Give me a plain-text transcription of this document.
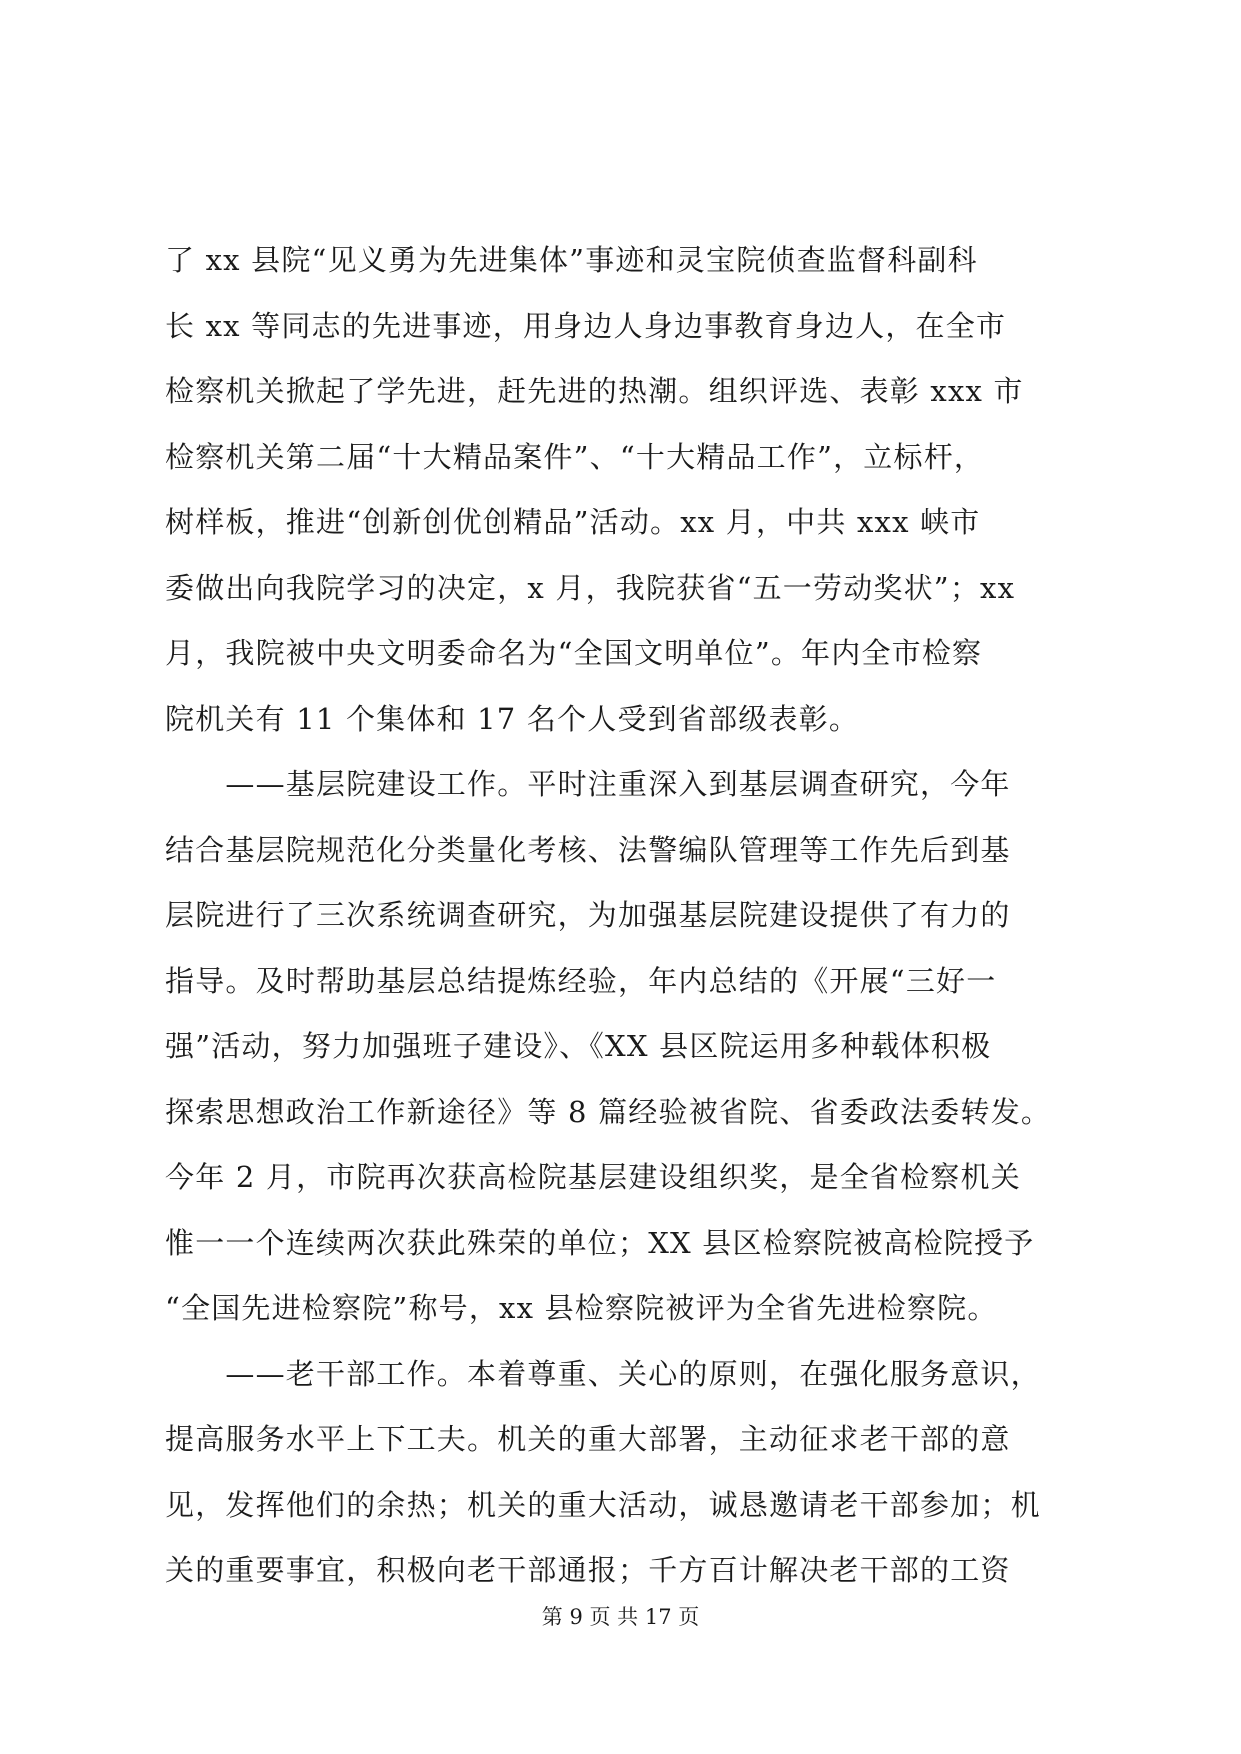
了 xx 县院“见义勇为先进集体”事迹和灵宝院侦查监督科副科
长 xx 等同志的先进事迹，用身边人身边事教育身边人，在全市
检察机关掀起了学先进，赶先进的热潮。组织评选、表彰 xxx 市
检察机关第二届“十大精品案件”、“十大精品工作”，立标杆，
树样板，推进“创新创优创精品”活动。xx 月，中共 xxx 峡市
委做出向我院学习的决定，x 月，我院获省“五一劳动奖状”；xx
月，我院被中央文明委命名为“全国文明单位”。年内全市检察
院机关有 11 个集体和 17 名个人受到省部级表彰。
　　——基层院建设工作。平时注重深入到基层调查研究，今年
结合基层院规范化分类量化考核、法警编队管理等工作先后到基
层院进行了三次系统调查研究，为加强基层院建设提供了有力的
指导。及时帮助基层总结提炼经验，年内总结的《开展“三好一
强”活动，努力加强班子建设》、《XX 县区院运用多种载体积极
探索思想政治工作新途径》等 8 篇经验被省院、省委政法委转发。
今年 2 月，市院再次获高检院基层建设组织奖，是全省检察机关
惟一一个连续两次获此殊荣的单位；XX 县区检察院被高检院授予
“全国先进检察院”称号，xx 县检察院被评为全省先进检察院。
　　——老干部工作。本着尊重、关心的原则，在强化服务意识，
提高服务水平上下工夫。机关的重大部署，主动征求老干部的意
见，发挥他们的余热；机关的重大活动，诚恳邀请老干部参加；机
关的重要事宜，积极向老干部通报；千方百计解决老干部的工资
第 9 页 共 17 页
